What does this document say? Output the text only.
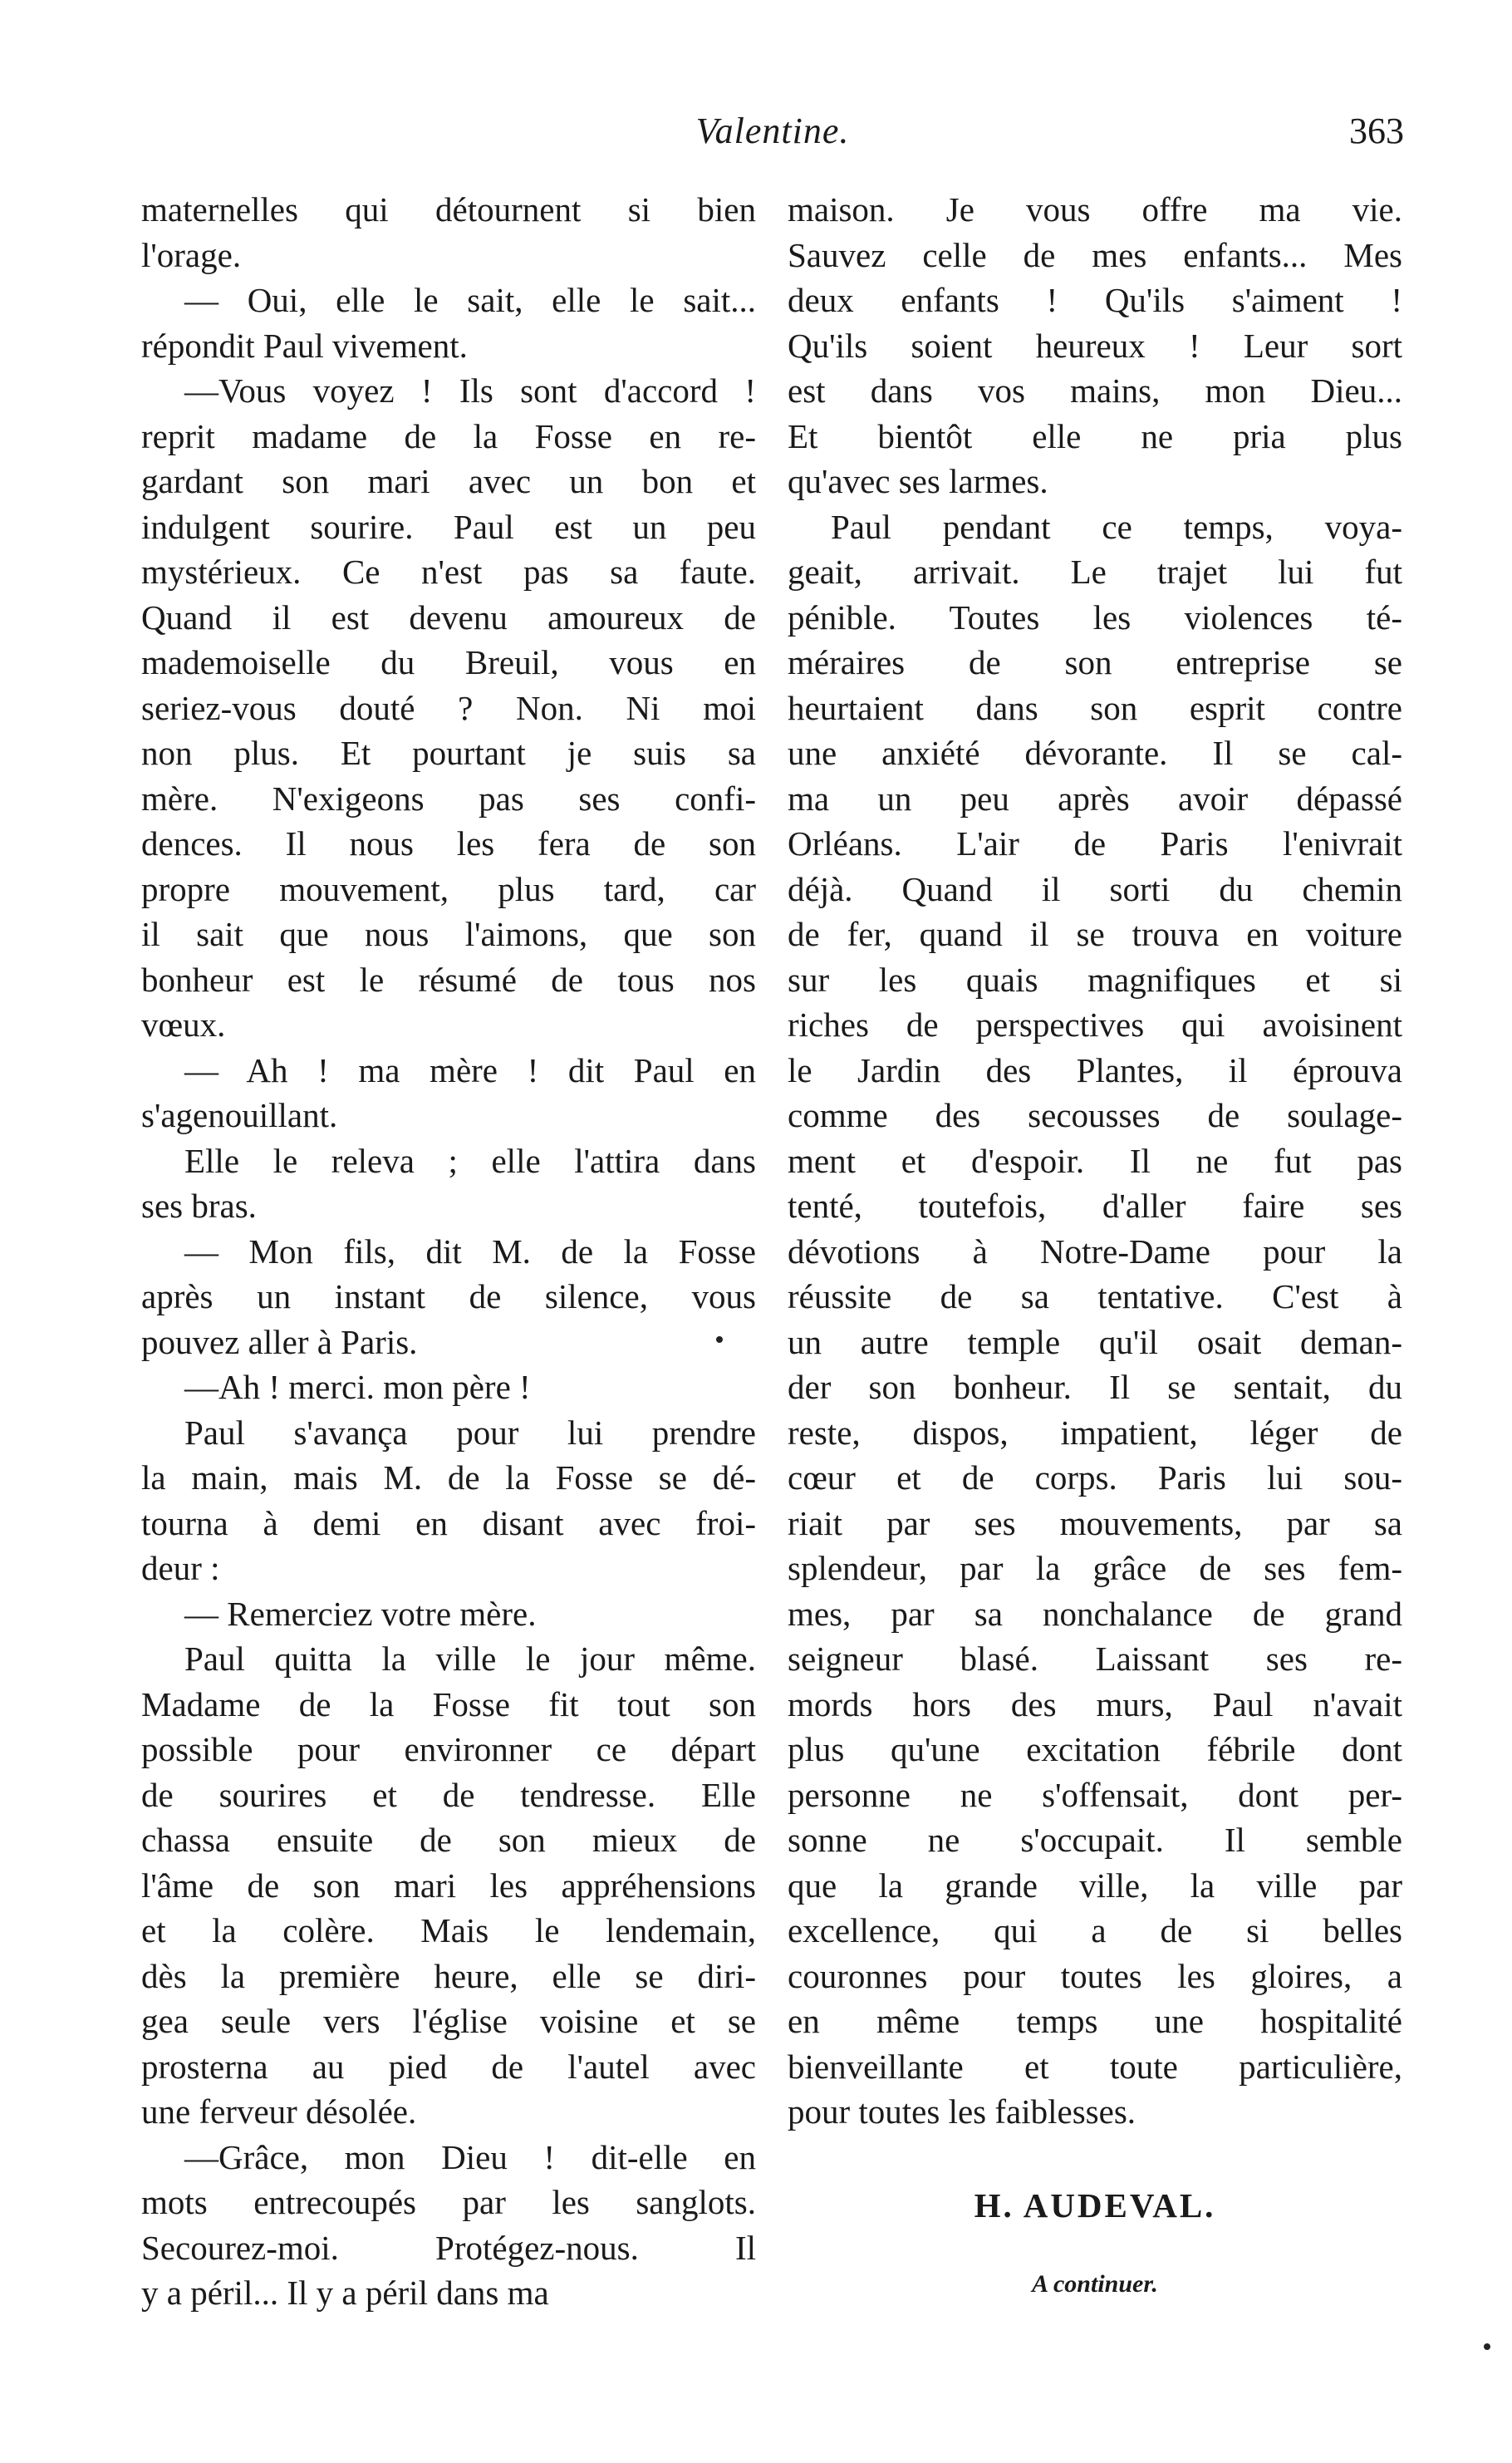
Valentine.	363

maternelles qui détournent si bien
l'orage.

— Oui, elle le sait, elle le sait...
répondit Paul vivement.

—Vous voyez ! Ils sont d'accord !
reprit madame de la Fosse en re-
gardant son mari avec un bon et
indulgent sourire. Paul est un peu
mystérieux. Ce n'est pas sa faute.
Quand il est devenu amoureux de
mademoiselle du Breuil, vous en
seriez-vous douté ? Non. Ni moi
non plus. Et pourtant je suis sa
mère. N'exigeons pas ses confi-
dences. Il nous les fera de son
propre mouvement, plus tard, car
il sait que nous l'aimons, que son
bonheur est le résumé de tous nos
vœux.

— Ah ! ma mère ! dit Paul en
s'agenouillant.

Elle le releva ; elle l'attira dans
ses bras.

— Mon fils, dit M. de la Fosse
après un instant de silence, vous
pouvez aller à Paris.

—Ah ! merci. mon père !

Paul s'avança pour lui prendre
la main, mais M. de la Fosse se dé-
tourna à demi en disant avec froi-
deur :

— Remerciez votre mère.

Paul quitta la ville le jour même.
Madame de la Fosse fit tout son
possible pour environner ce départ
de sourires et de tendresse. Elle
chassa ensuite de son mieux de
l'âme de son mari les appréhensions
et la colère. Mais le lendemain,
dès la première heure, elle se diri-
gea seule vers l'église voisine et se
prosterna au pied de l'autel avec
une ferveur désolée.

—Grâce, mon Dieu ! dit-elle en
mots entrecoupés par les sanglots.
Secourez-moi. Protégez-nous. Il
y a péril... Il y a péril dans ma

maison. Je vous offre ma vie.
Sauvez celle de mes enfants... Mes
deux enfants ! Qu'ils s'aiment !
Qu'ils soient heureux ! Leur sort
est dans vos mains, mon Dieu...
Et bientôt elle ne pria plus
qu'avec ses larmes.

Paul pendant ce temps, voya-
geait, arrivait. Le trajet lui fut
pénible. Toutes les violences té-
méraires de son entreprise se
heurtaient dans son esprit contre
une anxiété dévorante. Il se cal-
ma un peu après avoir dépassé
Orléans. L'air de Paris l'enivrait
déjà. Quand il sorti du chemin
de fer, quand il se trouva en voiture
sur les quais magnifiques et si
riches de perspectives qui avoisinent
le Jardin des Plantes, il éprouva
comme des secousses de soulage-
ment et d'espoir. Il ne fut pas
tenté, toutefois, d'aller faire ses
dévotions à Notre-Dame pour la
réussite de sa tentative. C'est à
un autre temple qu'il osait deman-
der son bonheur. Il se sentait, du
reste, dispos, impatient, léger de
cœur et de corps. Paris lui sou-
riait par ses mouvements, par sa
splendeur, par la grâce de ses fem-
mes, par sa nonchalance de grand
seigneur blasé. Laissant ses re-
mords hors des murs, Paul n'avait
plus qu'une excitation fébrile dont
personne ne s'offensait, dont per-
sonne ne s'occupait. Il semble
que la grande ville, la ville par
excellence, qui a de si belles
couronnes pour toutes les gloires, a
en même temps une hospitalité
bienveillante et toute particulière,
pour toutes les faiblesses.

H. AUDEVAL.
A continuer.
